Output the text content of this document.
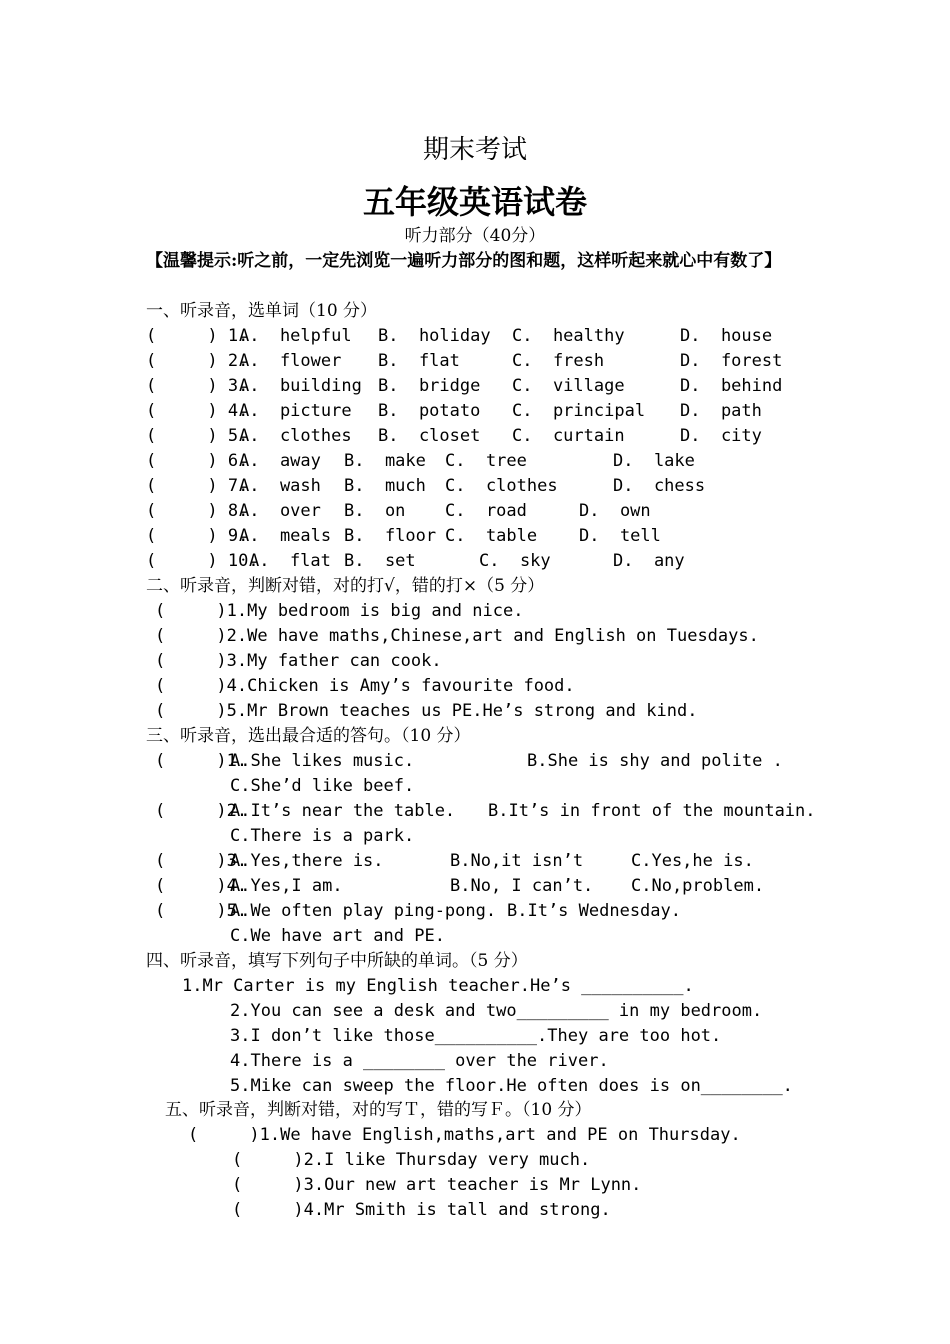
期末考试
五年级英语试卷
听力部分（40分）
【温馨提示:听之前，一定先浏览一遍听力部分的图和题，这样听起来就心中有数了】
一、听录音，选单词（10 分）
(     ) 1.
A.  helpful B.  holiday C.  healthy	D.  house
(     ) 2.
A.  flower B.  flat	C.  fresh	D.  forest
(     ) 3.
A.  building B.  bridge C.  village	D.  behind
(     ) 4.
A.  picture B.  potato C.  principal D.  path
(     ) 5.
A.  clothes B.  closet C.  curtain	D.  city
(     ) 6.
A.  away B.  make C.  tree	D.  lake
(     ) 7.
A.  wash B.  much C.  clothes	D.  chess
(     ) 8.
A.  over B.  on C.  road	D.  own
(     ) 9.
A.  meals B.  floor C.  table D.  tell
(     ) 10.
A.  flat B.  set	C.  sky	D.  any
二、听录音，判断对错，对的打√，错的打×（5 分）
(     )1.My bedroom is big and nice.
(     )2.We have maths,Chinese,art and English on Tuesdays.
(     )3.My father can cook.
(     )4.Chicken is Amy’s favourite food.
(     )5.Mr Brown teaches us PE.He’s strong and kind.
三、听录音，选出最合适的答句。（10 分）
(     )1.
A.She likes music.	B.She is shy and polite .
C.She’d like beef.
(     )2.
A.It’s near the table. B.It’s in front of the mountain.
C.There is a park.
(     )3.
A.Yes,there is.	B.No,it isn’t	C.Yes,he is.
(     )4.
A.Yes,I am.	B.No, I can’t. C.No,problem.
(     )5.
A.We often play ping-pong. B.It’s Wednesday.
C.We have art and PE.
四、听录音，填写下列句子中所缺的单词。（5 分）
1.Mr Carter is my English teacher.He’s __________.
2.You can see a desk and two_________ in my bedroom.
3.I don’t like those__________.They are too hot.
4.There is a ________ over the river.
5.Mike can sweep the floor.He often does is on________.
五、听录音，判断对错，对的写Ｔ，错的写Ｆ。（10 分）
(     )1.We have English,maths,art and PE on Thursday.
(     )2.I like Thursday very much.
(     )3.Our new art teacher is Mr Lynn.
(     )4.Mr Smith is tall and strong.
